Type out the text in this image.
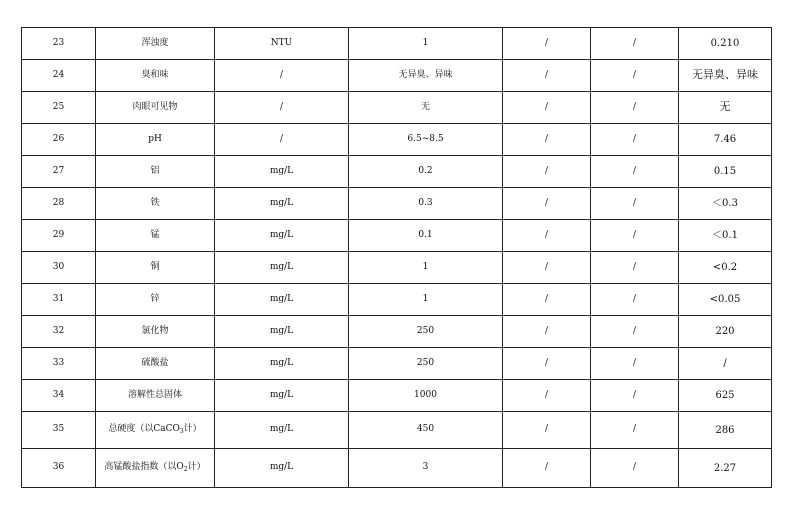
23	浑浊度	NTU	1	/	/	0.210
24	臭和味	/	无异臭、异味	/	/	无异臭、异味
25	肉眼可见物	/	无	/	/	无
26	pH	/	6.5~8.5	/	/	7.46
27	铝	mg/L	0.2	/	/	0.15
28	铁	mg/L	0.3	/	/	＜0.3
29	锰	mg/L	0.1	/	/	＜0.1
30	铜	mg/L	1	/	/	<0.2
31	锌	mg/L	1	/	/	<0.05
32	氯化物	mg/L	250	/	/	220
33	硫酸盐	mg/L	250	/	/	/
34	溶解性总固体	mg/L	1000	/	/	625
35	总硬度（以CaCO$_3$计）	mg/L	450	/	/	286
36	高锰酸盐指数（以$O_2$计）	mg/L	3	/	/	2.27
